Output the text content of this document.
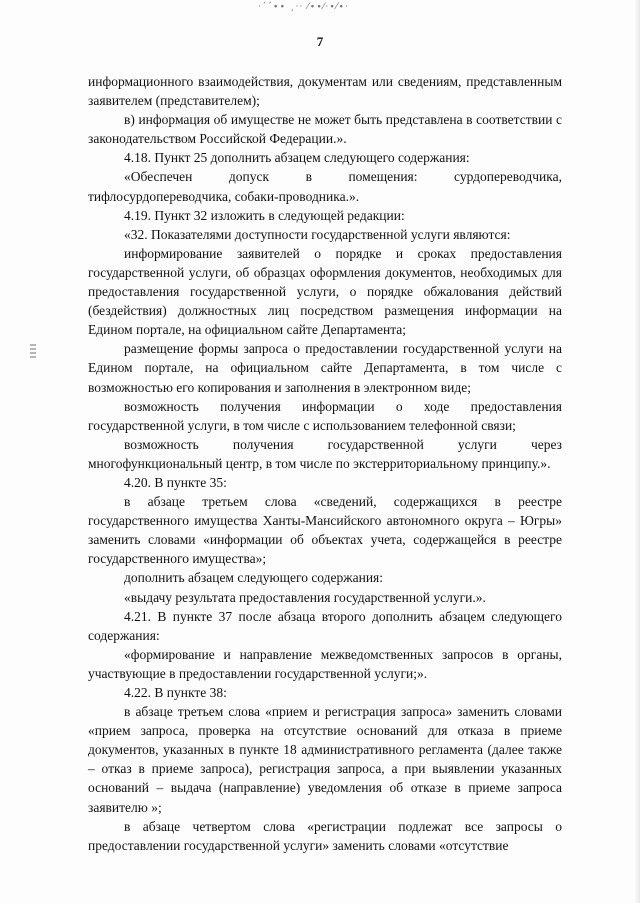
·´´∙∙ ¸·· ⁄∙∙⁄·∙⁄∙·
7

информационного взаимодействия, документам или сведениям, представленным заявителем (представителем);

в) информация об имуществе не может быть представлена в соответствии с законодательством Российской Федерации.».

4.18. Пункт 25 дополнить абзацем следующего содержания:

«Обеспечен допуск в помещения: сурдопереводчика, тифлосурдопереводчика, собаки-проводника.».

4.19. Пункт 32 изложить в следующей редакции:

«32. Показателями доступности государственной услуги являются:

информирование заявителей о порядке и сроках предоставления государственной услуги, об образцах оформления документов, необходимых для предоставления государственной услуги, о порядке обжалования действий (бездействия) должностных лиц посредством размещения информации на Едином портале, на официальном сайте Департамента;

размещение формы запроса о предоставлении государственной услуги на Едином портале, на официальном сайте Департамента, в том числе с возможностью его копирования и заполнения в электронном виде;

возможность получения информации о ходе предоставления государственной услуги, в том числе с использованием телефонной связи;

возможность получения государственной услуги через многофункциональный центр, в том числе по экстерриториальному принципу.».

4.20. В пункте 35:

в абзаце третьем слова «сведений, содержащихся в реестре государственного имущества Ханты-Мансийского автономного округа – Югры» заменить словами «информации об объектах учета, содержащейся в реестре государственного имущества»;

дополнить абзацем следующего содержания:

«выдачу результата предоставления государственной услуги.».

4.21. В пункте 37 после абзаца второго дополнить абзацем следующего содержания:

«формирование и направление межведомственных запросов в органы, участвующие в предоставлении государственной услуги;».

4.22. В пункте 38:

в абзаце третьем слова «прием и регистрация запроса» заменить словами «прием запроса, проверка на отсутствие оснований для отказа в приеме документов, указанных в пункте 18 административного регламента (далее также – отказ в приеме запроса), регистрация запроса, а при выявлении указанных оснований – выдача (направление) уведомления об отказе в приеме запроса заявителю »;

в абзаце четвертом слова «регистрации подлежат все запросы о предоставлении государственной услуги» заменить словами «отсутствие
